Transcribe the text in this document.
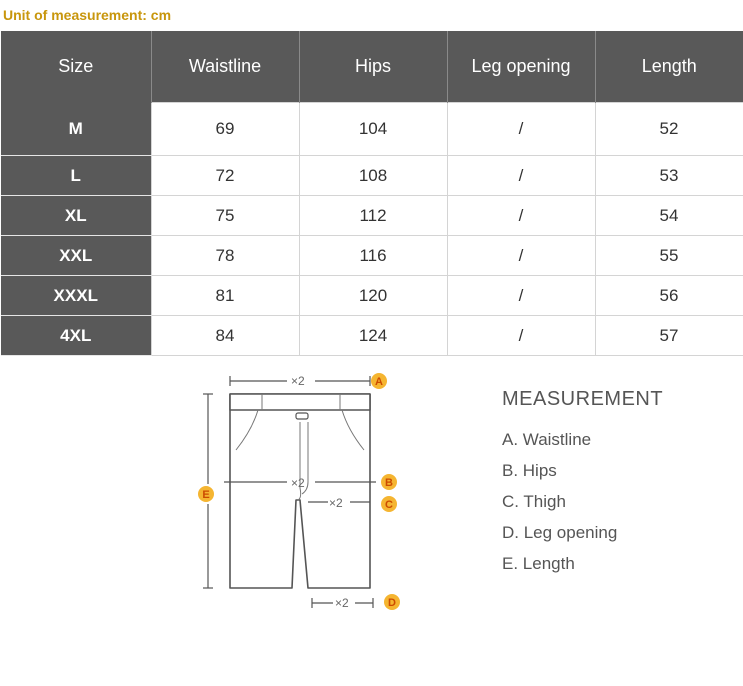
Unit of measurement: cm
Size	Waistline	Hips	Leg opening	Length
M	69	104	/	52
L	72	108	/	53
XL	75	112	/	54
XXL	78	116	/	55
XXXL	81	120	/	56
4XL	84	124	/	57
×2	A
×2	B
×2	C
×2	D
E
MEASUREMENT
A. Waistline
B. Hips
C. Thigh
D. Leg opening
E. Length
